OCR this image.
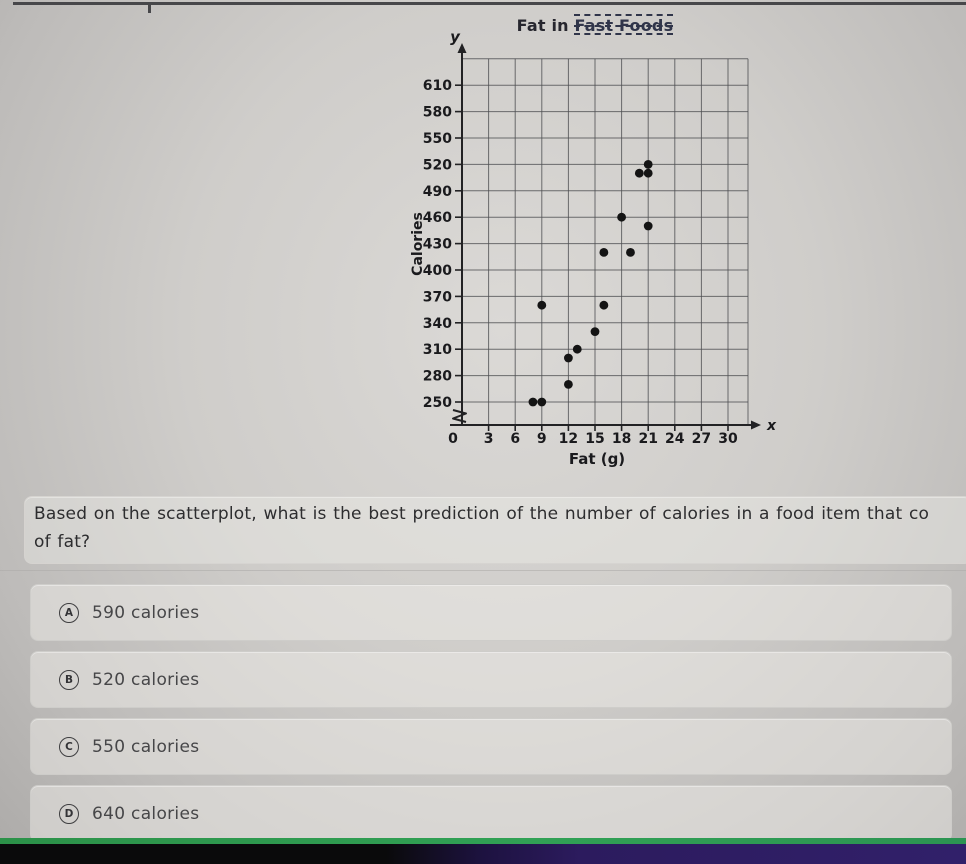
250
280
310
340
370
400
430
460
490
520
550
580
610
0 3 6 9 12 15 18 21 24 27 30
Calories
Fat (g)
y
x
Fat in Fast Foods
Based on the scatterplot, what is the best prediction of the number of calories in a food item that co
of fat?
A 590 calories
B 520 calories
C 550 calories
D 640 calories
